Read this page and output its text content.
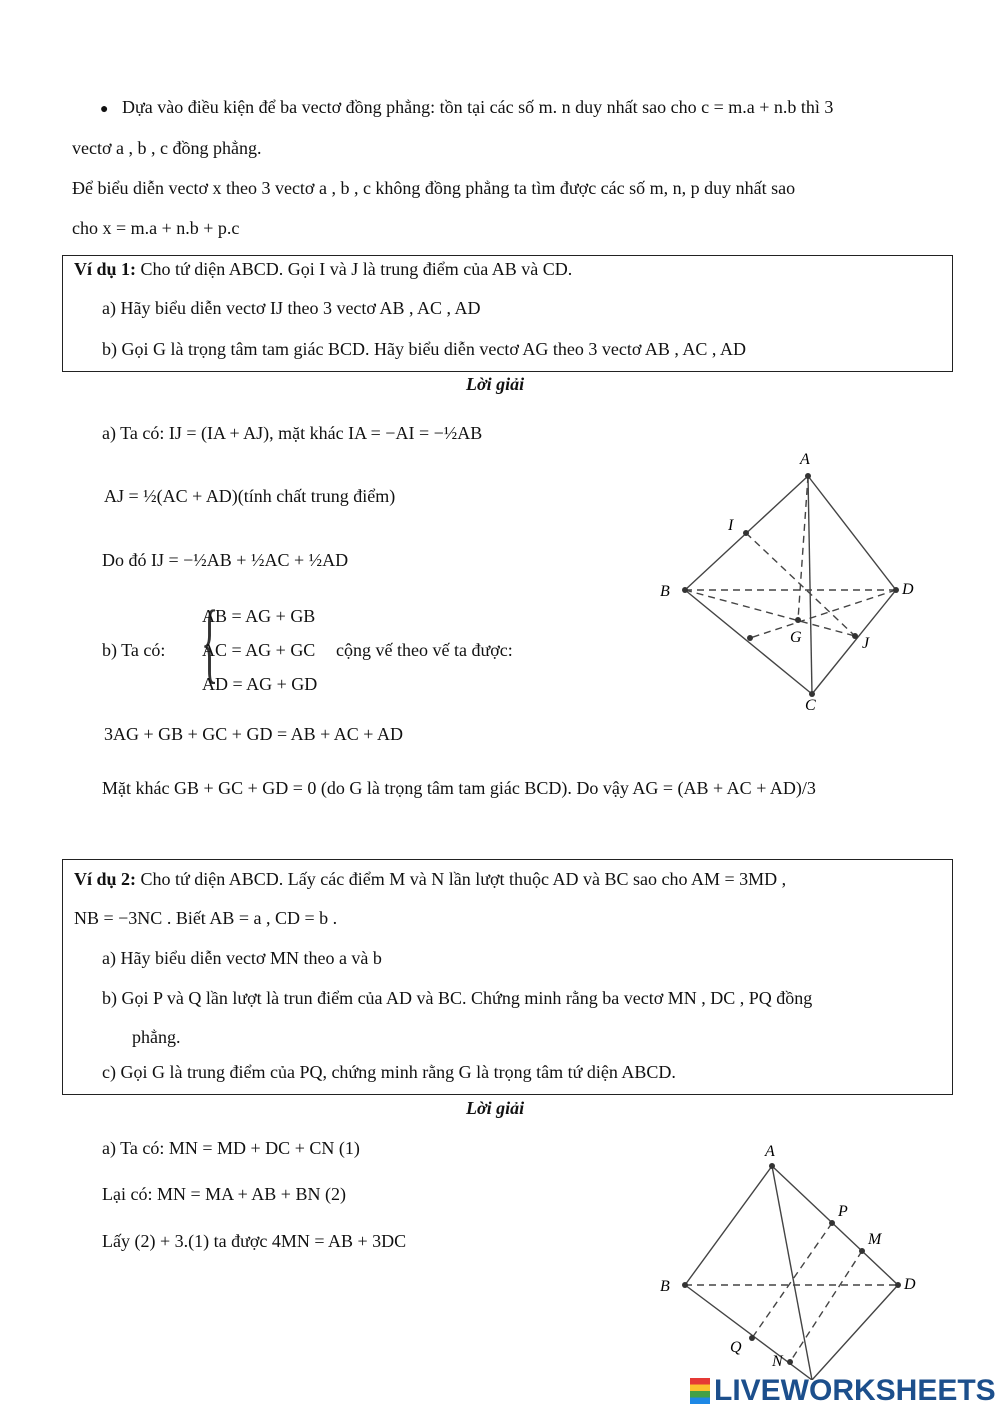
● Dựa vào điều kiện để ba vectơ đồng phẳng: tồn tại các số m. n duy nhất sao cho c = m.a + n.b thì 3
vectơ a , b , c đồng phẳng.
Để biểu diễn vectơ x theo 3 vectơ a , b , c không đồng phẳng ta tìm được các số m, n, p duy nhất sao
cho x = m.a + n.b + p.c
Ví dụ 1: Cho tứ diện ABCD. Gọi I và J là trung điểm của AB và CD.
a) Hãy biểu diễn vectơ IJ theo 3 vectơ AB , AC , AD
b) Gọi G là trọng tâm tam giác BCD. Hãy biểu diễn vectơ AG theo 3 vectơ AB , AC , AD
Lời giải
a) Ta có: IJ = (IA + AJ), mặt khác IA = −AI = −½AB
AJ = ½(AC + AD)(tính chất trung điểm)
Do đó IJ = −½AB + ½AC + ½AD
b) Ta có: {
AB = AG + GB
AC = AG + GC
AD = AG + GD
cộng vế theo vế ta được:
3AG + GB + GC + GD = AB + AC + AD
Mặt khác GB + GC + GD = 0 (do G là trọng tâm tam giác BCD). Do vậy AG = (AB + AC + AD)/3
A
I
B	D
G	J
C
Ví dụ 2: Cho tứ diện ABCD. Lấy các điểm M và N lần lượt thuộc AD và BC sao cho AM = 3MD ,
NB = −3NC . Biết AB = a , CD = b .
a) Hãy biểu diễn vectơ MN theo a và b
b) Gọi P và Q lần lượt là trun điểm của AD và BC. Chứng minh rằng ba vectơ MN , DC , PQ đồng
phẳng.
c) Gọi G là trung điểm của PQ, chứng minh rằng G là trọng tâm tứ diện ABCD.
Lời giải
a) Ta có: MN = MD + DC + CN (1)
Lại có: MN = MA + AB + BN (2)
Lấy (2) + 3.(1) ta được 4MN = AB + 3DC
A
P
M
B	D
Q
N
LIVEWORKSHEETS
